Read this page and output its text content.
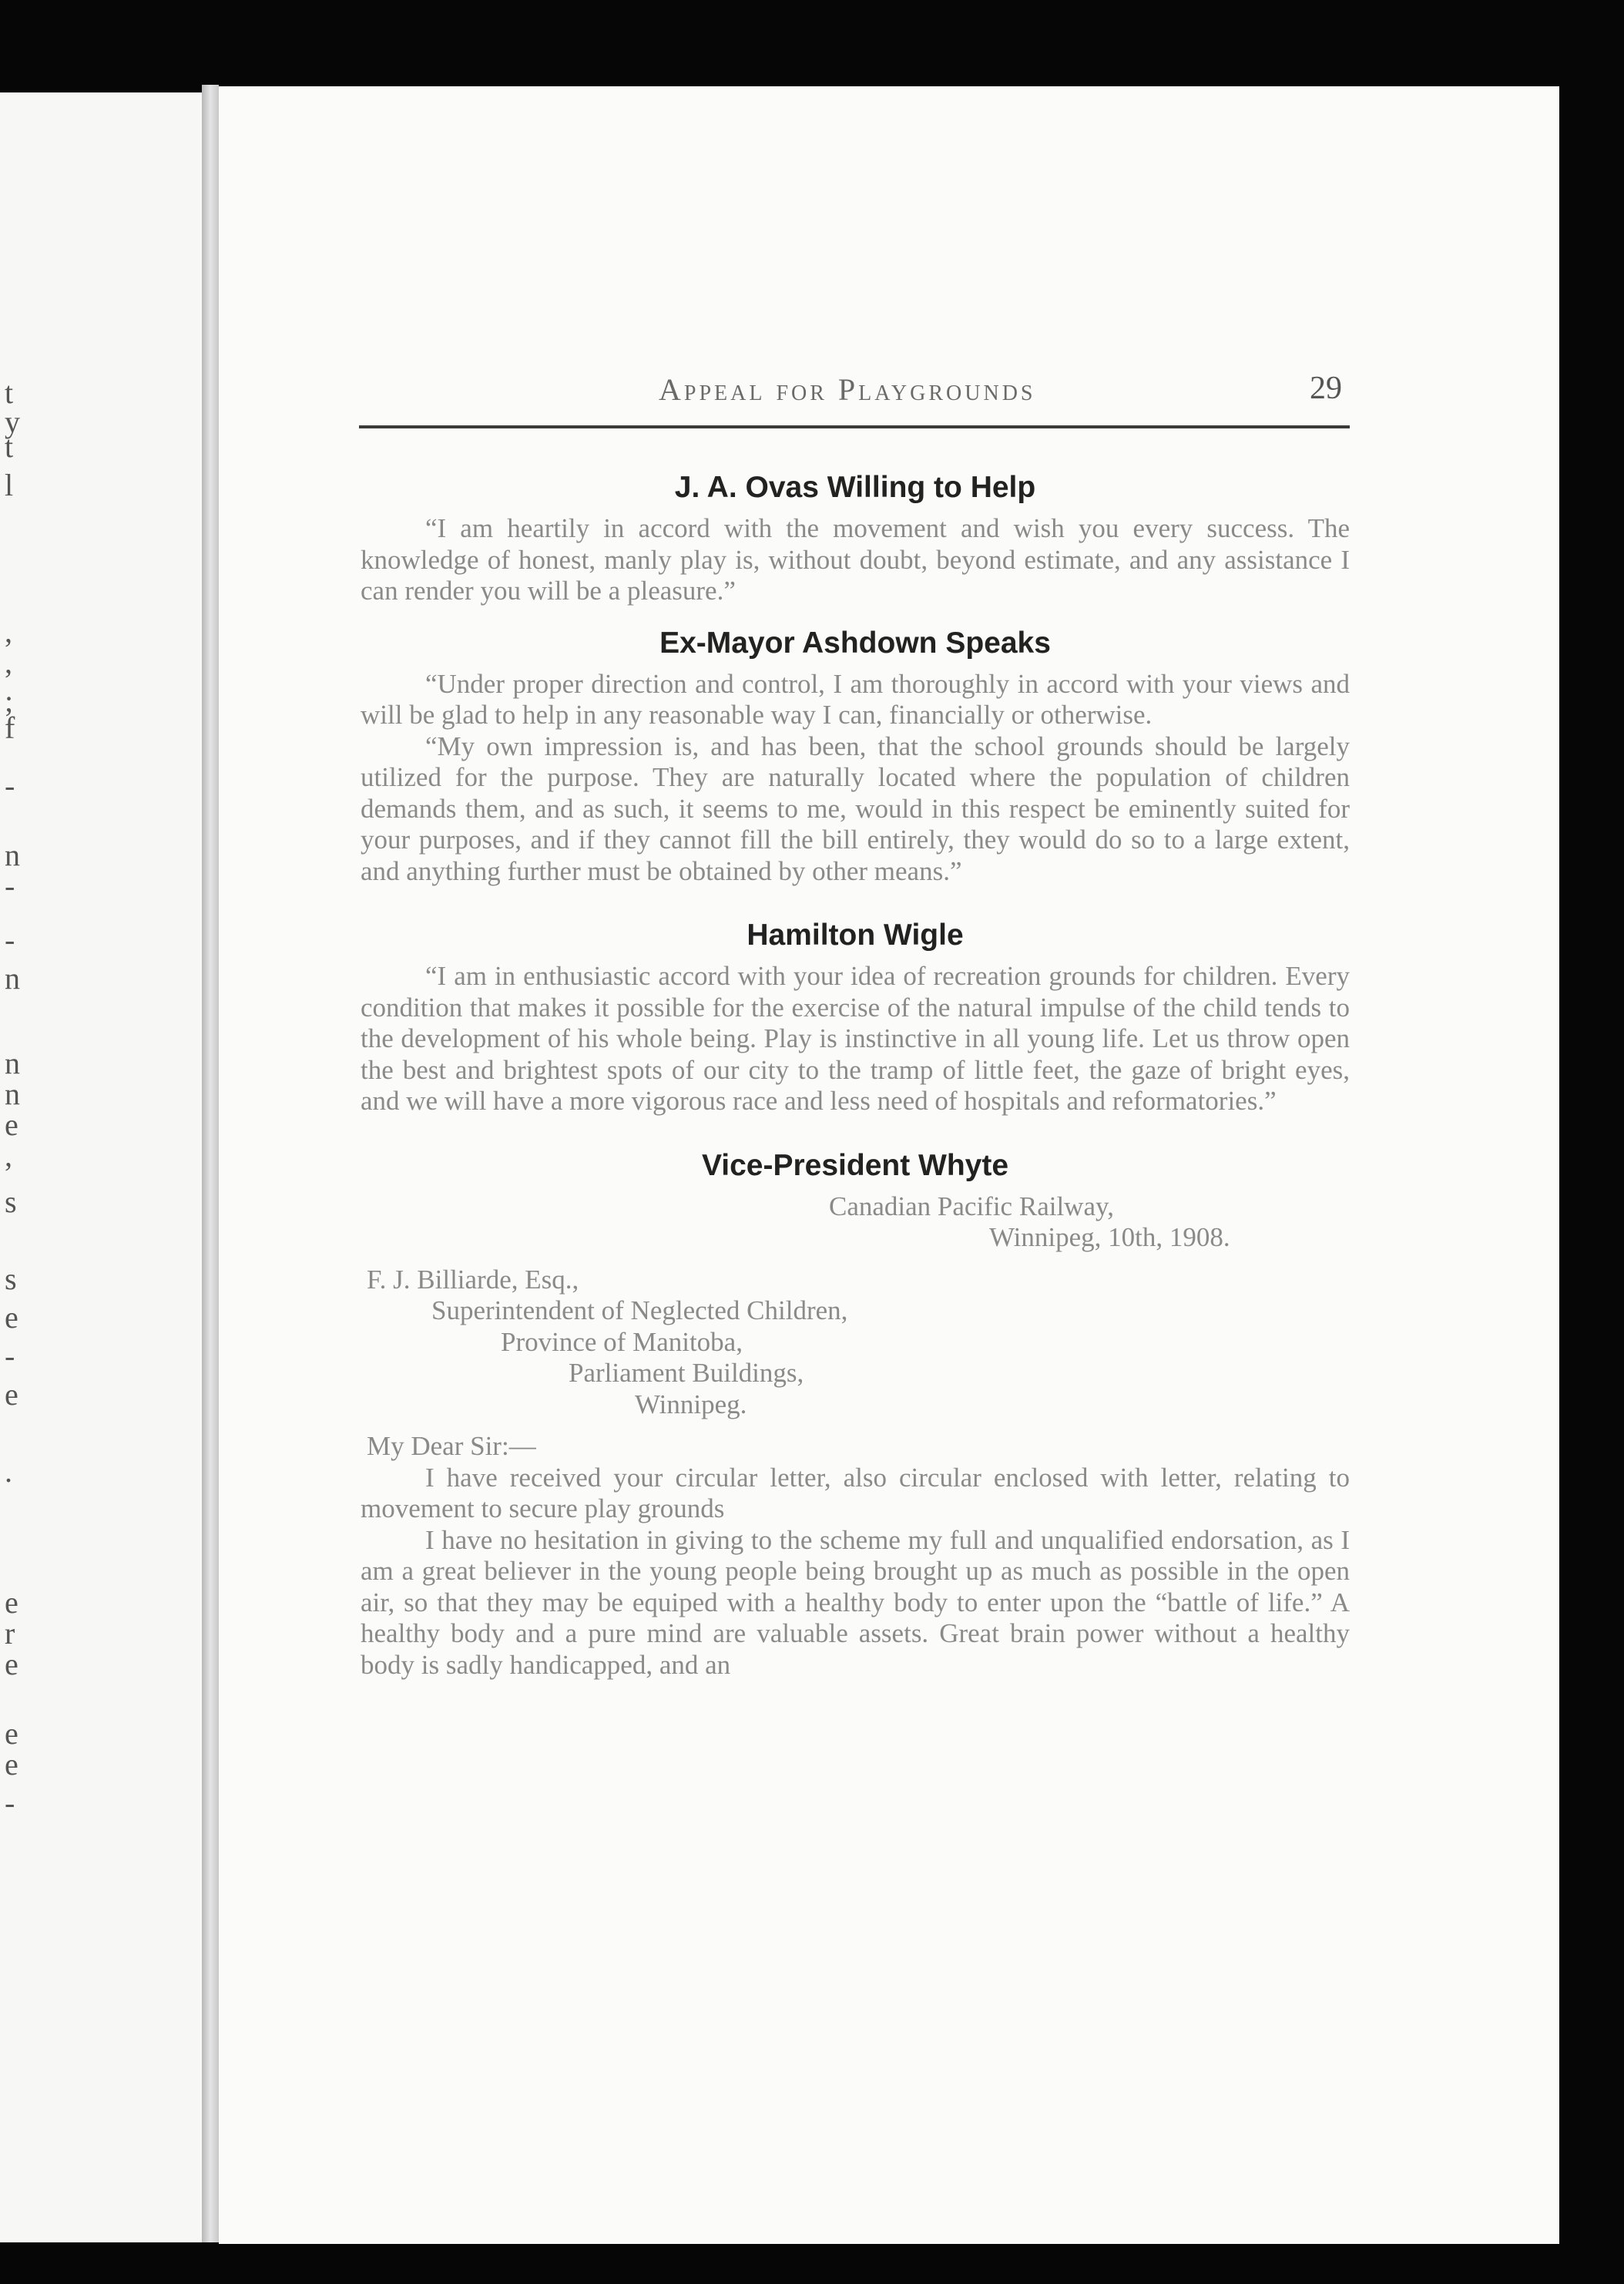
t
y
t
l
,
,
;
f
-
n
-
-
n
n
n
e
,
s
s
e
-
e
.
e
r
e
e
e
-
Appeal for Playgrounds	29
J. A. Ovas Willing to Help

“I am heartily in accord with the movement and wish you every success. The knowledge of honest, manly play is, without doubt, beyond estimate, and any assistance I can render you will be a pleasure.”

Ex-Mayor Ashdown Speaks

“Under proper direction and control, I am thoroughly in accord with your views and will be glad to help in any reasonable way I can, financially or otherwise.

“My own impression is, and has been, that the school grounds should be largely utilized for the purpose. They are naturally located where the population of children demands them, and as such, it seems to me, would in this respect be eminently suited for your purposes, and if they cannot fill the bill entirely, they would do so to a large extent, and anything further must be obtained by other means.”

Hamilton Wigle

“I am in enthusiastic accord with your idea of recreation grounds for children. Every condition that makes it possible for the exercise of the natural impulse of the child tends to the development of his whole being. Play is instinctive in all young life. Let us throw open the best and brightest spots of our city to the tramp of little feet, the gaze of bright eyes, and we will have a more vigorous race and less need of hospitals and reformatories.”

Vice-President Whyte

Canadian Pacific Railway,

Winnipeg, 10th, 1908.

F. J. Billiarde, Esq.,

Superintendent of Neglected Children,

Province of Manitoba,

Parliament Buildings,

Winnipeg.

My Dear Sir:—

I have received your circular letter, also circular enclosed with letter, relating to movement to secure play grounds

I have no hesitation in giving to the scheme my full and unqualified endorsation, as I am a great believer in the young people being brought up as much as possible in the open air, so that they may be equiped with a healthy body to enter upon the “battle of life.” A healthy body and a pure mind are valuable assets. Great brain power without a healthy body is sadly handicapped, and an
